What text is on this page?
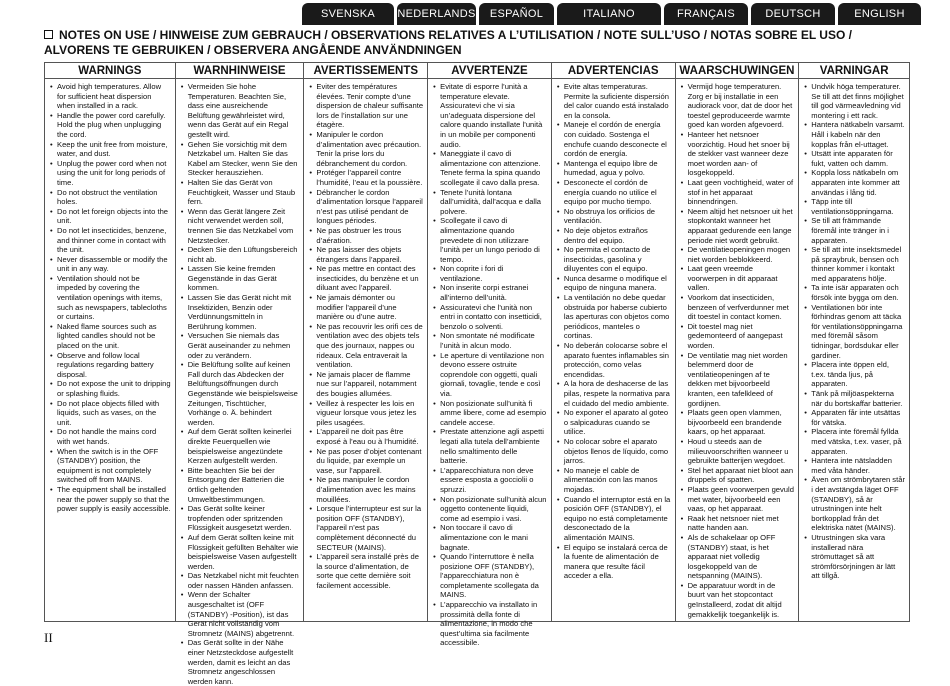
SVENSKA	NEDERLANDS	ESPAÑOL	ITALIANO	FRANÇAIS	DEUTSCH	ENGLISH
NOTES ON USE / HINWEISE ZUM GEBRAUCH / OBSERVATIONS RELATIVES A L’UTILISATION / NOTE SULL’USO / NOTAS SOBRE EL USO /
ALVORENS TE GEBRUIKEN / OBSERVERA ANGÅENDE ANVÄNDNINGEN
WARNINGS
• Avoid high temperatures. Allow for sufficient heat dispersion when installed in a rack.
• Handle the power cord carefully. Hold the plug when unplugging the cord.
• Keep the unit free from moisture, water, and dust.
• Unplug the power cord when not using the unit for long periods of time.
• Do not obstruct the ventilation holes.
• Do not let foreign objects into the unit.
• Do not let insecticides, benzene, and thinner come in contact with the unit.
• Never disassemble or modify the unit in any way.
• Ventilation should not be impeded by covering the ventilation openings with items, such as newspapers, tablecloths or curtains.
• Naked flame sources such as lighted candles should not be placed on the unit.
• Observe and follow local regulations regarding battery disposal.
• Do not expose the unit to dripping or splashing fluids.
• Do not place objects filled with liquids, such as vases, on the unit.
• Do not handle the mains cord with wet hands.
• When the switch is in the OFF (STANDBY) position, the equipment is not completely switched off from MAINS.
• The equipment shall be installed near the power supply so that the power supply is easily accessible.
WARNHINWEISE
• Vermeiden Sie hohe Temperaturen. Beachten Sie, dass eine ausreichende Belüftung gewährleistet wird, wenn das Gerät auf ein Regal gestellt wird.
• Gehen Sie vorsichtig mit dem Netzkabel um. Halten Sie das Kabel am Stecker, wenn Sie den Stecker herausziehen.
• Halten Sie das Gerät von Feuchtigkeit, Wasser und Staub fern.
• Wenn das Gerät längere Zeit nicht verwendet werden soll, trennen Sie das Netzkabel vom Netzstecker.
• Decken Sie den Lüftungsbereich nicht ab.
• Lassen Sie keine fremden Gegenstände in das Gerät kommen.
• Lassen Sie das Gerät nicht mit Insektiziden, Benzin oder Verdünnungsmitteln in Berührung kommen.
• Versuchen Sie niemals das Gerät auseinander zu nehmen oder zu verändern.
• Die Belüftung sollte auf keinen Fall durch das Abdecken der Belüftungsöffnungen durch Gegenstände wie beispielsweise Zeitungen, Tischtücher, Vorhänge o. Ä. behindert werden.
• Auf dem Gerät sollten keinerlei direkte Feuerquellen wie beispielsweise angezündete Kerzen aufgestellt werden.
• Bitte beachten Sie bei der Entsorgung der Batterien die örtlich geltenden Umweltbestimmungen.
• Das Gerät sollte keiner tropfenden oder spritzenden Flüssigkeit ausgesetzt werden.
• Auf dem Gerät sollten keine mit Flüssigkeit gefüllten Behälter wie beispielsweise Vasen aufgestellt werden.
• Das Netzkabel nicht mit feuchten oder nassen Händen anfassen.
• Wenn der Schalter ausgeschaltet ist (OFF (STANDBY) -Position), ist das Gerät nicht vollständig vom Stromnetz (MAINS) abgetrennt.
• Das Gerät sollte in der Nähe einer Netzsteckdose aufgestellt werden, damit es leicht an das Stromnetz angeschlossen werden kann.
AVERTISSEMENTS
• Eviter des températures élevées. Tenir compte d’une dispersion de chaleur suffisante lors de l’installation sur une étagère.
• Manipuler le cordon d’alimentation avec précaution. Tenir la prise lors du débranchement du cordon.
• Protéger l’appareil contre l’humidité, l’eau et la poussière.
• Débrancher le cordon d’alimentation lorsque l’appareil n’est pas utilisé pendant de longues périodes.
• Ne pas obstruer les trous d’aération.
• Ne pas laisser des objets étrangers dans l’appareil.
• Ne pas mettre en contact des insecticides, du benzène et un diluant avec l’appareil.
• Ne jamais démonter ou modifier l’appareil d’une manière ou d’une autre.
• Ne pas recouvrir les orifi ces de ventilation avec des objets tels que des journaux, nappes ou rideaux. Cela entraverait la ventilation.
• Ne jamais placer de flamme nue sur l’appareil, notamment des bougies allumées.
• Veillez à respecter les lois en vigueur lorsque vous jetez les piles usagées.
• L’appareil ne doit pas être exposé à l’eau ou à l’humidité.
• Ne pas poser d’objet contenant du liquide, par exemple un vase, sur l’appareil.
• Ne pas manipuler le cordon d’alimentation avec les mains mouillées.
• Lorsque l’interrupteur est sur la position OFF (STANDBY), l’appareil n’est pas complètement déconnecté du SECTEUR (MAINS).
• L’appareil sera installé près de la source d’alimentation, de sorte que cette dernière soit facilement accessible.
AVVERTENZE
• Evitate di esporre l’unità a temperature elevate. Assicuratevi che vi sia un’adeguata dispersione del calore quando installate l’unità in un mobile per componenti audio.
• Maneggiate il cavo di alimentazione con attenzione. Tenete ferma la spina quando scollegate il cavo dalla presa.
• Tenete l’unità lontana dall’umidità, dall’acqua e dalla polvere.
• Scollegate il cavo di alimentazione quando prevedete di non utilizzare l’unità per un lungo periodo di tempo.
• Non coprite i fori di ventilazione.
• Non inserite corpi estranei all’interno dell’unità.
• Assicuratevi che l’unità non entri in contatto con insetticidi, benzolo o solventi.
• Non smontate né modificate l’unità in alcun modo.
• Le aperture di ventilazione non devono essere ostruite coprendole con oggetti, quali giornali, tovaglie, tende e così via.
• Non posizionate sull’unità fi amme libere, come ad esempio candele accese.
• Prestate attenzione agli aspetti legati alla tutela dell’ambiente nello smaltimento delle batterie.
• L’apparecchiatura non deve essere esposta a gocciolii o spruzzi.
• Non posizionate sull’unità alcun oggetto contenente liquidi, come ad esempio i vasi.
• Non toccare il cavo di alimentazione con le mani bagnate.
• Quando l’interruttore è nella posizione OFF (STANDBY), l’apparecchiatura non è completamente scollegata da MAINS.
• L’apparecchio va installato in prossimità della fonte di alimentazione, in modo che quest’ultima sia facilmente accessibile.
ADVERTENCIAS
• Evite altas temperaturas. Permite la suficiente dispersión del calor cuando está instalado en la consola.
• Maneje el cordón de energía con cuidado. Sostenga el enchufe cuando desconecte el cordón de energía.
• Mantenga el equipo libre de humedad, agua y polvo.
• Desconecte el cordón de energía cuando no utilice el equipo por mucho tiempo.
• No obstruya los orificios de ventilación.
• No deje objetos extraños dentro del equipo.
• No permita el contacto de insecticidas, gasolina y diluyentes con el equipo.
• Nunca desarme o modifique el equipo de ninguna manera.
• La ventilación no debe quedar obstruida por haberse cubierto las aperturas con objetos como periódicos, manteles o cortinas.
• No deberán colocarse sobre el aparato fuentes inflamables sin protección, como velas encendidas.
• A la hora de deshacerse de las pilas, respete la normativa para el cuidado del medio ambiente.
• No exponer el aparato al goteo o salpicaduras cuando se utilice.
• No colocar sobre el aparato objetos llenos de líquido, como jarros.
• No maneje el cable de alimentación con las manos mojadas.
• Cuando el interruptor está en la posición OFF (STANDBY), el equipo no está completamente desconectado de la alimentación MAINS.
• El equipo se instalará cerca de la fuente de alimentación de manera que resulte fácil acceder a ella.
WAARSCHUWINGEN
• Vermijd hoge temperaturen. Zorg er bij installatie in een audiorack voor, dat de door het toestel geproduceerde warmte goed kan worden afgevoerd.
• Hanteer het netsnoer voorzichtig. Houd het snoer bij de stekker vast wanneer deze moet worden aan- of losgekoppeld.
• Laat geen vochtigheid, water of stof in het apparaat binnendringen.
• Neem altijd het netsnoer uit het stopkontakt wanneer het apparaat gedurende een lange periode niet wordt gebruikt.
• De ventilatieopeningen mogen niet worden beblokkeerd.
• Laat geen vreemde voorwerpen in dit apparaat vallen.
• Voorkom dat insecticiden, benzeen of verfverdunner met dit toestel in contact komen.
• Dit toestel mag niet gedemonteerd of aangepast worden.
• De ventilatie mag niet worden belemmerd door de ventilatieopeningen af te dekken met bijvoorbeeld kranten, een tafelkleed of gordijnen.
• Plaats geen open vlammen, bijvoorbeeld een brandende kaars, op het apparaat.
• Houd u steeds aan de milieuvoorschriften wanneer u gebruikte batterijen wegdoet.
• Stel het apparaat niet bloot aan druppels of spatten.
• Plaats geen voorwerpen gevuld met water, bijvoorbeeld een vaas, op het apparaat.
• Raak het netsnoer niet met natte handen aan.
• Als de schakelaar op OFF (STANDBY) staat, is het apparaat niet volledig losgekoppeld van de netspanning (MAINS).
• De apparatuur wordt in de buurt van het stopcontact geïnstalleerd, zodat dit altijd gemakkelijk toegankelijk is.
VARNINGAR
• Undvik höga temperaturer. Se till att det finns möjlighet till god värmeavledning vid montering i ett rack.
• Hantera nätkabeln varsamt. Håll i kabeln när den kopplas från el-uttaget.
• Utsätt inte apparaten för fukt, vatten och damm.
• Koppla loss nätkabeln om apparaten inte kommer att användas i lång tid.
• Täpp inte till ventilationsöppningarna.
• Se till att främmande föremål inte tränger in i apparaten.
• Se till att inte insektsmedel på spraybruk, bensen och thinner kommer i kontakt med apparatens hölje.
• Ta inte isär apparaten och försök inte bygga om den.
• Ventilationen bör inte förhindras genom att täcka för ventilationsöppningarna med föremål såsom tidningar, bordsdukar eller gardiner.
• Placera inte öppen eld, t.ex. tända ljus, på apparaten.
• Tänk på miljöaspekterna när du bortskaffar batterier.
• Apparaten får inte utsättas för vätska.
• Placera inte föremål fyllda med vätska, t.ex. vaser, på apparaten.
• Hantera inte nätsladden med våta händer.
• Även om strömbrytaren står i det avstängda läget OFF (STANDBY), så är utrustningen inte helt bortkopplad från det elektriska nätet (MAINS).
• Utrustningen ska vara installerad nära strömuttaget så att strömförsörjningen är lätt att tillgå.
II
